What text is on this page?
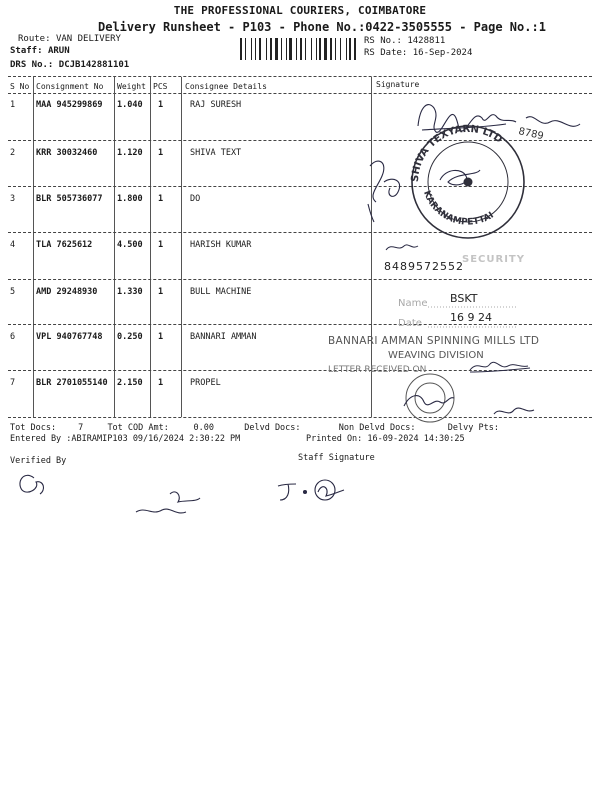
THE PROFESSIONAL COURIERS, COIMBATORE
Delivery Runsheet - P103 - Phone No.:0422-3505555 - Page No.:1
Route: VAN DELIVERY
Staff: ARUN
DRS No.: DCJB142881101
RS No.: 1428811
RS Date: 16-Sep-2024
S No Consignment No Weight PCS Consignee Details	Signature
1 MAA 945299869 1.040 1	RAJ SURESH
2 KRR 30032460 1.120 1	SHIVA TEXT
3 BLR 505736077 1.800 1	DO
4 TLA 7625612	4.500 1	HARISH KUMAR
5 AMD 29248930 1.330 1	BULL MACHINE
6 VPL 940767748 0.250 1	BANNARI AMMAN
7 BLR 2701055140 2.150 1	PROPEL
8789
SHIVA TEXYARN LTD
KARANAMPETTAI
SECURITY
8489572552
Name BSKT
Date	16 9 24
BANNARI AMMAN SPINNING MILLS LTD
WEAVING DIVISION
LETTER RECEIVED ON
Tot Docs:	7	Tot COD Amt:	0.00	Delvd Docs:	Non Delvd Docs:	Delvy Pts:
Entered By :ABIRAMIP103 09/16/2024 2:30:22 PM	Printed On: 16-09-2024 14:30:25
Verified By	Staff Signature
